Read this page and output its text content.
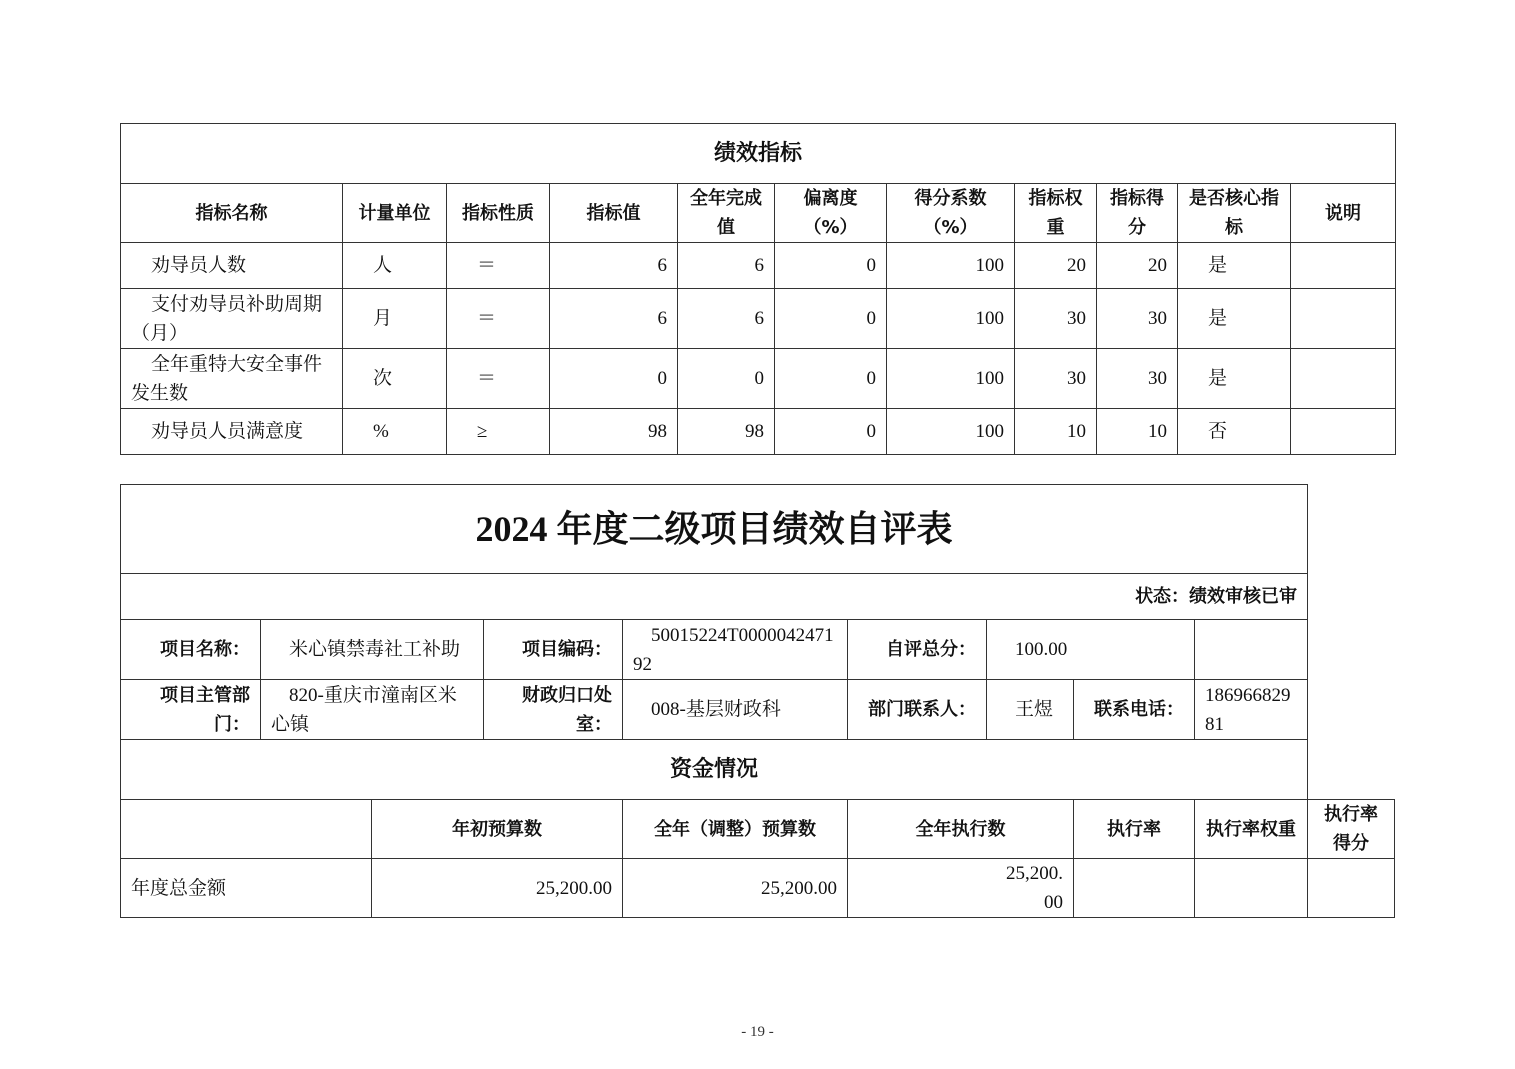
绩效指标										
指标名称	计量单位	指标性质	指标值	全年完成值	偏离度（%）	得分系数（%）	指标权重	指标得分	是否核心指标	说明
劝导员人数	人	＝	6	6	0	100	20	20	是	
支付劝导员补助周期（月）	月	＝	6	6	0	100	30	30	是	
全年重特大安全事件发生数	次	＝	0	0	0	100	30	30	是	
劝导员人员满意度	%	≥	98	98	0	100	10	10	否	
2024 年度二级项目绩效自评表									
状态：绩效审核已审									
项目名称：	米心镇禁毒社工补助		项目编码：	50015224T000004247192	自评总分：	100.00			
项目主管部门：	820-重庆市潼南区米心镇		财政归口处室：	008-基层财政科	部门联系人：	王煜	联系电话：	18696682981	
资金情况									
		年初预算数		全年（调整）预算数	全年执行数		执行率	执行率权重	执行率得分
年度总金额		25,200.00		25,200.00	25,200.00				
- 19 -
